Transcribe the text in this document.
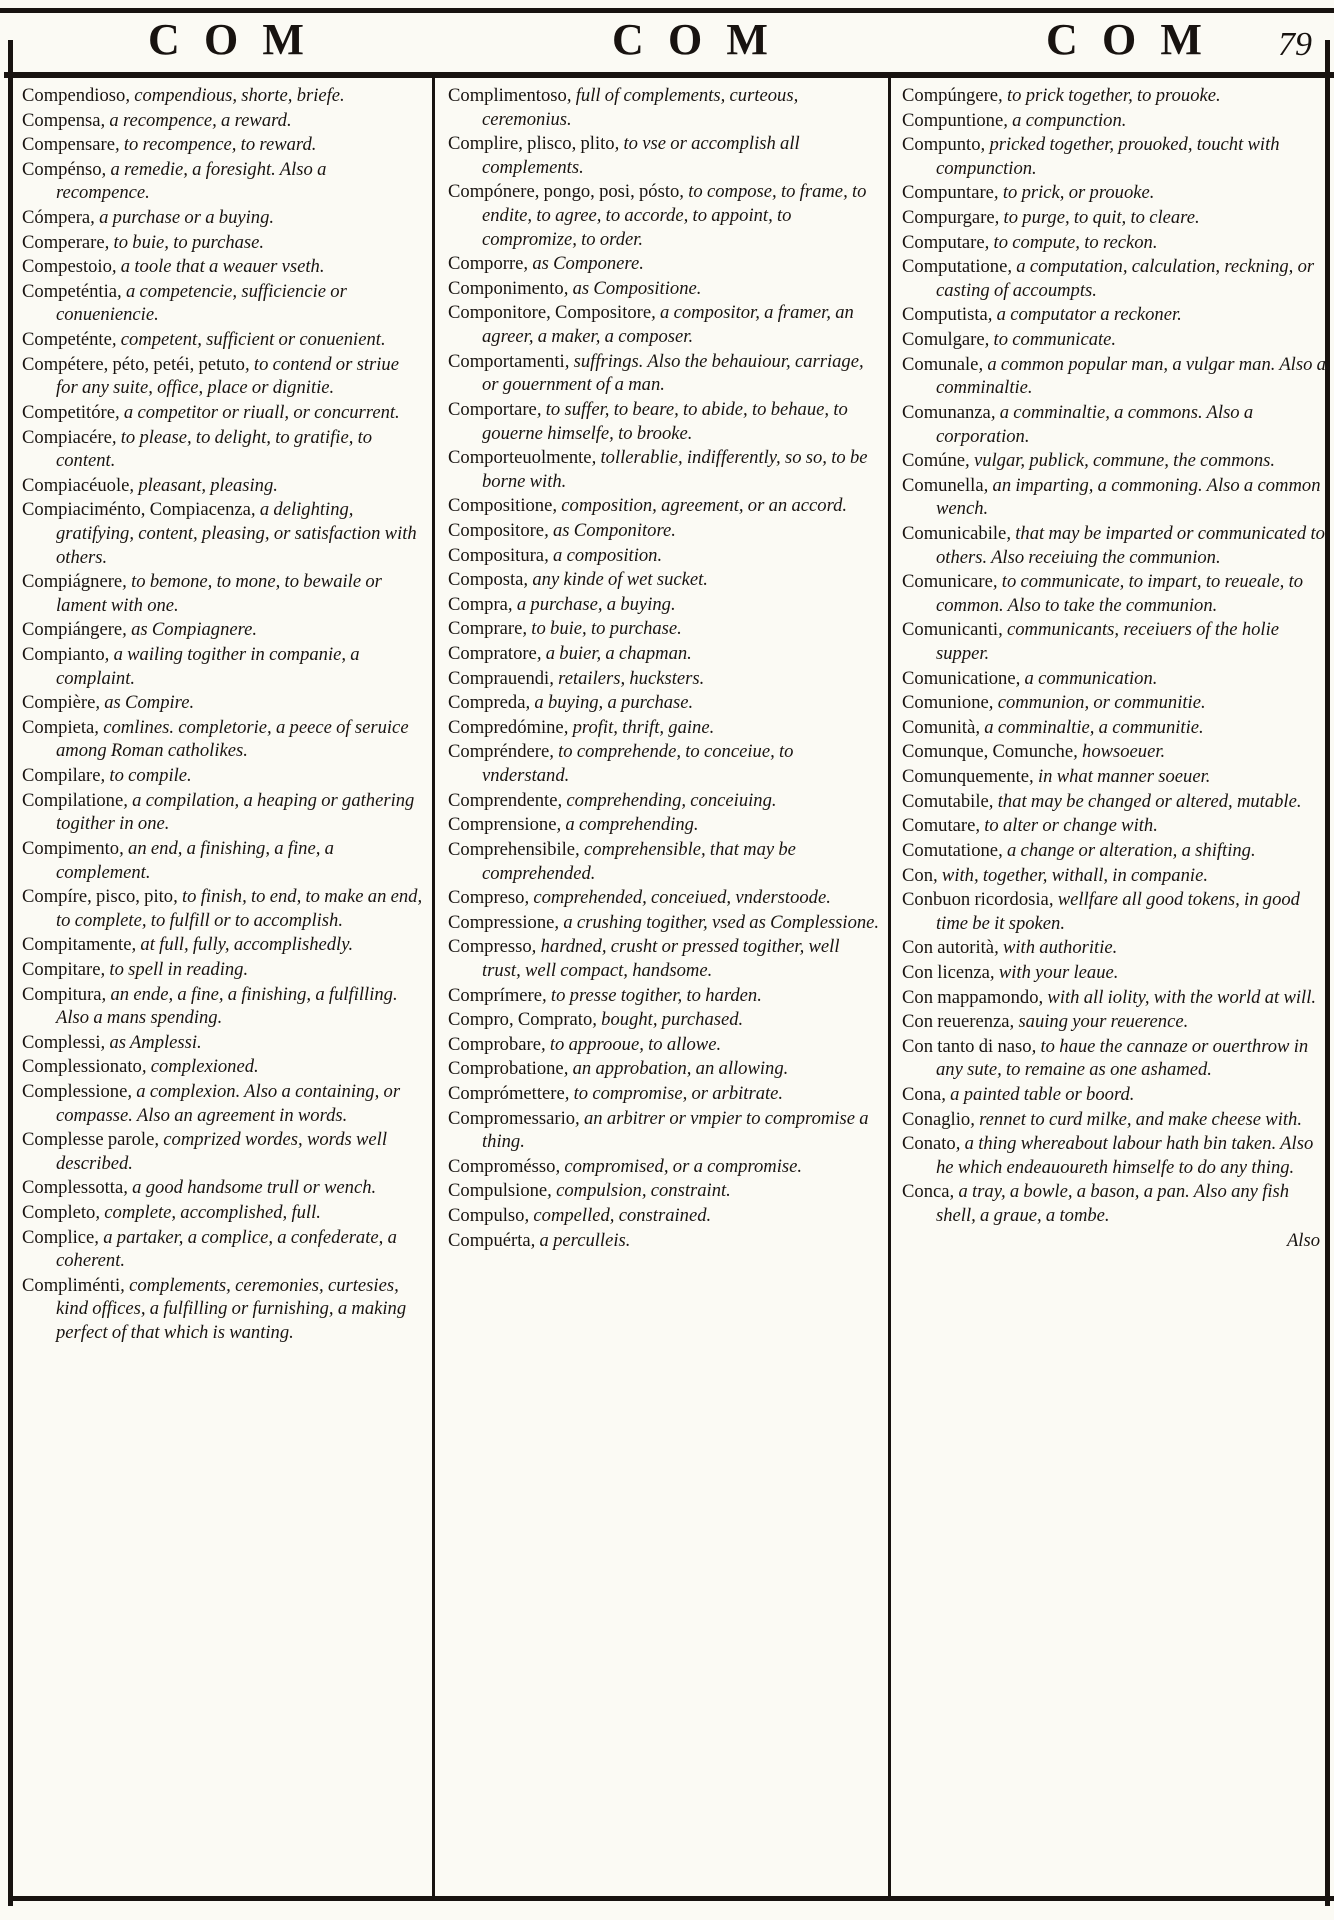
COM	COM	COM 79

Compendioso, compendious, shorte, briefe.

Compensa, a recompence, a reward.

Compensare, to recompence, to reward.

Compénso, a remedie, a foresight. Also a recompence.

Cómpera, a purchase or a buying.

Comperare, to buie, to purchase.

Compestoio, a toole that a weauer vseth.

Competéntia, a competencie, sufficiencie or conueniencie.

Competénte, competent, sufficient or conuenient.

Compétere, péto, petéi, petuto, to contend or striue for any suite, office, place or dignitie.

Competitóre, a competitor or riuall, or concurrent.

Compiacére, to please, to delight, to gratifie, to content.

Compiacéuole, pleasant, pleasing.

Compiaciménto, Compiacenza, a delighting, gratifying, content, pleasing, or satisfaction with others.

Compiágnere, to bemone, to mone, to bewaile or lament with one.

Compiángere, as Compiagnere.

Compianto, a wailing togither in companie, a complaint.

Compière, as Compire.

Compieta, comlines. completorie, a peece of seruice among Roman catholikes.

Compilare, to compile.

Compilatione, a compilation, a heaping or gathering togither in one.

Compimento, an end, a finishing, a fine, a complement.

Compíre, pisco, pito, to finish, to end, to make an end, to complete, to fulfill or to accomplish.

Compitamente, at full, fully, accomplishedly.

Compitare, to spell in reading.

Compitura, an ende, a fine, a finishing, a fulfilling. Also a mans spending.

Complessi, as Amplessi.

Complessionato, complexioned.

Complessione, a complexion. Also a containing, or compasse. Also an agreement in words.

Complesse parole, comprized wordes, words well described.

Complessotta, a good handsome trull or wench.

Completo, complete, accomplished, full.

Complice, a partaker, a complice, a confederate, a coherent.

Compliménti, complements, ceremonies, curtesies, kind offices, a fulfilling or furnishing, a making perfect of that which is wanting.

Complimentoso, full of complements, curteous, ceremonius.

Complire, plisco, plito, to vse or accomplish all complements.

Compónere, pongo, posi, pósto, to compose, to frame, to endite, to agree, to accorde, to appoint, to compromize, to order.

Comporre, as Componere.

Componimento, as Compositione.

Componitore, Compositore, a compositor, a framer, an agreer, a maker, a composer.

Comportamenti, suffrings. Also the behauiour, carriage, or gouernment of a man.

Comportare, to suffer, to beare, to abide, to behaue, to gouerne himselfe, to brooke.

Comporteuolmente, tollerablie, indifferently, so so, to be borne with.

Compositione, composition, agreement, or an accord.

Compositore, as Componitore.

Compositura, a composition.

Composta, any kinde of wet sucket.

Compra, a purchase, a buying.

Comprare, to buie, to purchase.

Compratore, a buier, a chapman.

Comprauendi, retailers, hucksters.

Compreda, a buying, a purchase.

Compredómine, profit, thrift, gaine.

Compréndere, to comprehende, to conceiue, to vnderstand.

Comprendente, comprehending, conceiuing.

Comprensione, a comprehending.

Comprehensibile, comprehensible, that may be comprehended.

Compreso, comprehended, conceiued, vnderstoode.

Compressione, a crushing togither, vsed as Complessione.

Compresso, hardned, crusht or pressed togither, well trust, well compact, handsome.

Comprímere, to presse togither, to harden.

Compro, Comprato, bought, purchased.

Comprobare, to approoue, to allowe.

Comprobatione, an approbation, an allowing.

Comprómettere, to compromise, or arbitrate.

Compromessario, an arbitrer or vmpier to compromise a thing.

Compromésso, compromised, or a compromise.

Compulsione, compulsion, constraint.

Compulso, compelled, constrained.

Compuérta, a perculleis.

Compúngere, to prick together, to prouoke.

Compuntione, a compunction.

Compunto, pricked together, prouoked, toucht with compunction.

Compuntare, to prick, or prouoke.

Compurgare, to purge, to quit, to cleare.

Computare, to compute, to reckon.

Computatione, a computation, calculation, reckning, or casting of accoumpts.

Computista, a computator a reckoner.

Comulgare, to communicate.

Comunale, a common popular man, a vulgar man. Also a comminaltie.

Comunanza, a comminaltie, a commons. Also a corporation.

Comúne, vulgar, publick, commune, the commons.

Comunella, an imparting, a commoning. Also a common wench.

Comunicabile, that may be imparted or communicated to others. Also receiuing the communion.

Comunicare, to communicate, to impart, to reueale, to common. Also to take the communion.

Comunicanti, communicants, receiuers of the holie supper.

Comunicatione, a communication.

Comunione, communion, or communitie.

Comunità, a comminaltie, a communitie.

Comunque, Comunche, howsoeuer.

Comunquemente, in what manner soeuer.

Comutabile, that may be changed or altered, mutable.

Comutare, to alter or change with.

Comutatione, a change or alteration, a shifting.

Con, with, together, withall, in companie.

Conbuon ricordosia, wellfare all good tokens, in good time be it spoken.

Con autorità, with authoritie.

Con licenza, with your leaue.

Con mappamondo, with all iolity, with the world at will.

Con reuerenza, sauing your reuerence.

Con tanto di naso, to haue the cannaze or ouerthrow in any sute, to remaine as one ashamed.

Cona, a painted table or boord.

Conaglio, rennet to curd milke, and make cheese with.

Conato, a thing whereabout labour hath bin taken. Also he which endeauoureth himselfe to do any thing.

Conca, a tray, a bowle, a bason, a pan. Also any fish shell, a graue, a tombe.

Also
